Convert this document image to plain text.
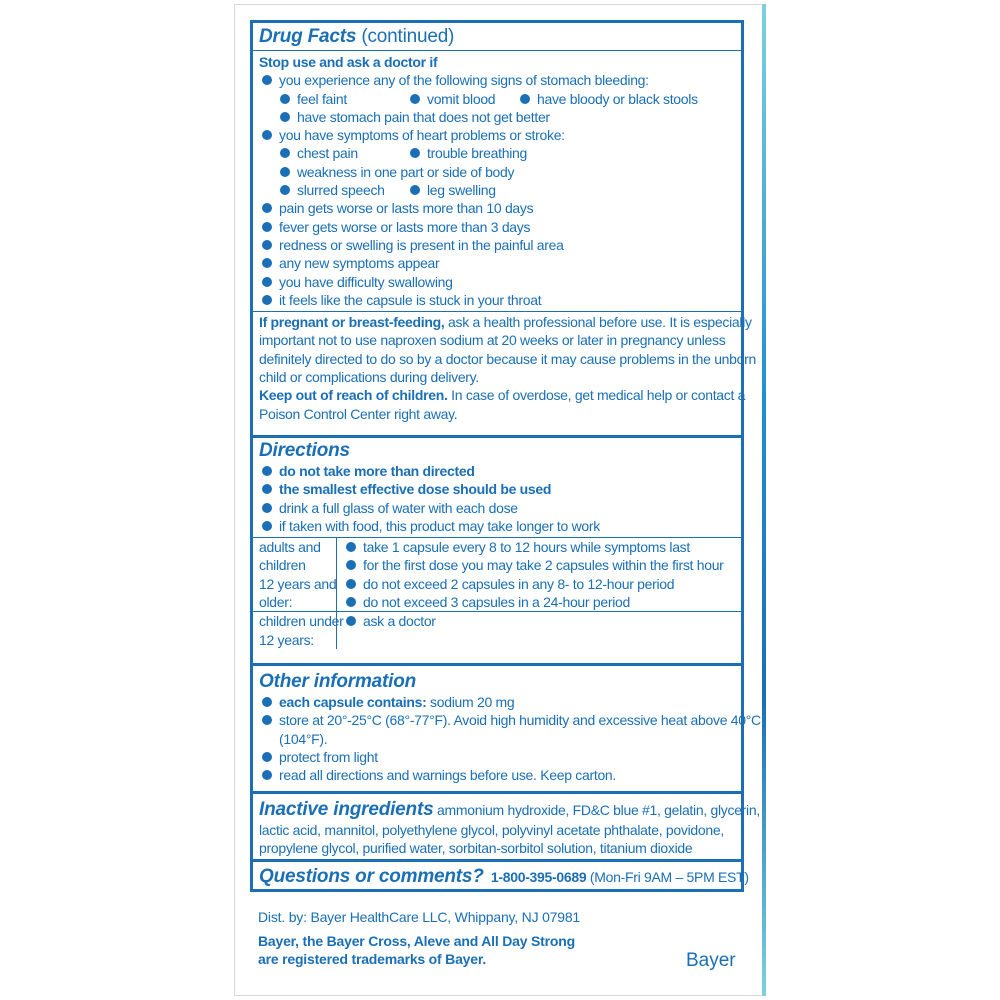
Drug Facts (continued)
Stop use and ask a doctor if
you experience any of the following signs of stomach bleeding:
feel faint	vomit blood	have bloody or black stools
have stomach pain that does not get better
you have symptoms of heart problems or stroke:
chest pain	trouble breathing
weakness in one part or side of body
slurred speech	leg swelling
pain gets worse or lasts more than 10 days
fever gets worse or lasts more than 3 days
redness or swelling is present in the painful area
any new symptoms appear
you have difficulty swallowing
it feels like the capsule is stuck in your throat
If pregnant or breast-feeding, ask a health professional before use. It is especially
important not to use naproxen sodium at 20 weeks or later in pregnancy unless
definitely directed to do so by a doctor because it may cause problems in the unborn
child or complications during delivery.
Keep out of reach of children. In case of overdose, get medical help or contact a
Poison Control Center right away.
Directions
do not take more than directed
the smallest effective dose should be used
drink a full glass of water with each dose
if taken with food, this product may take longer to work
adults and
children
12 years and
older:
take 1 capsule every 8 to 12 hours while symptoms last
for the first dose you may take 2 capsules within the first hour
do not exceed 2 capsules in any 8- to 12-hour period
do not exceed 3 capsules in a 24-hour period
children under
12 years:
ask a doctor
Other information
each capsule contains: sodium 20 mg
store at 20°-25°C (68°-77°F). Avoid high humidity and excessive heat above 40°C
(104°F).
protect from light
read all directions and warnings before use. Keep carton.
Inactive ingredients ammonium hydroxide, FD&C blue #1, gelatin, glycerin,
lactic acid, mannitol, polyethylene glycol, polyvinyl acetate phthalate, povidone,
propylene glycol, purified water, sorbitan-sorbitol solution, titanium dioxide
Questions or comments? 1-800-395-0689 (Mon-Fri 9AM – 5PM EST)
Dist. by: Bayer HealthCare LLC, Whippany, NJ 07981
Bayer, the Bayer Cross, Aleve and All Day Strong
are registered trademarks of Bayer.	Bayer
